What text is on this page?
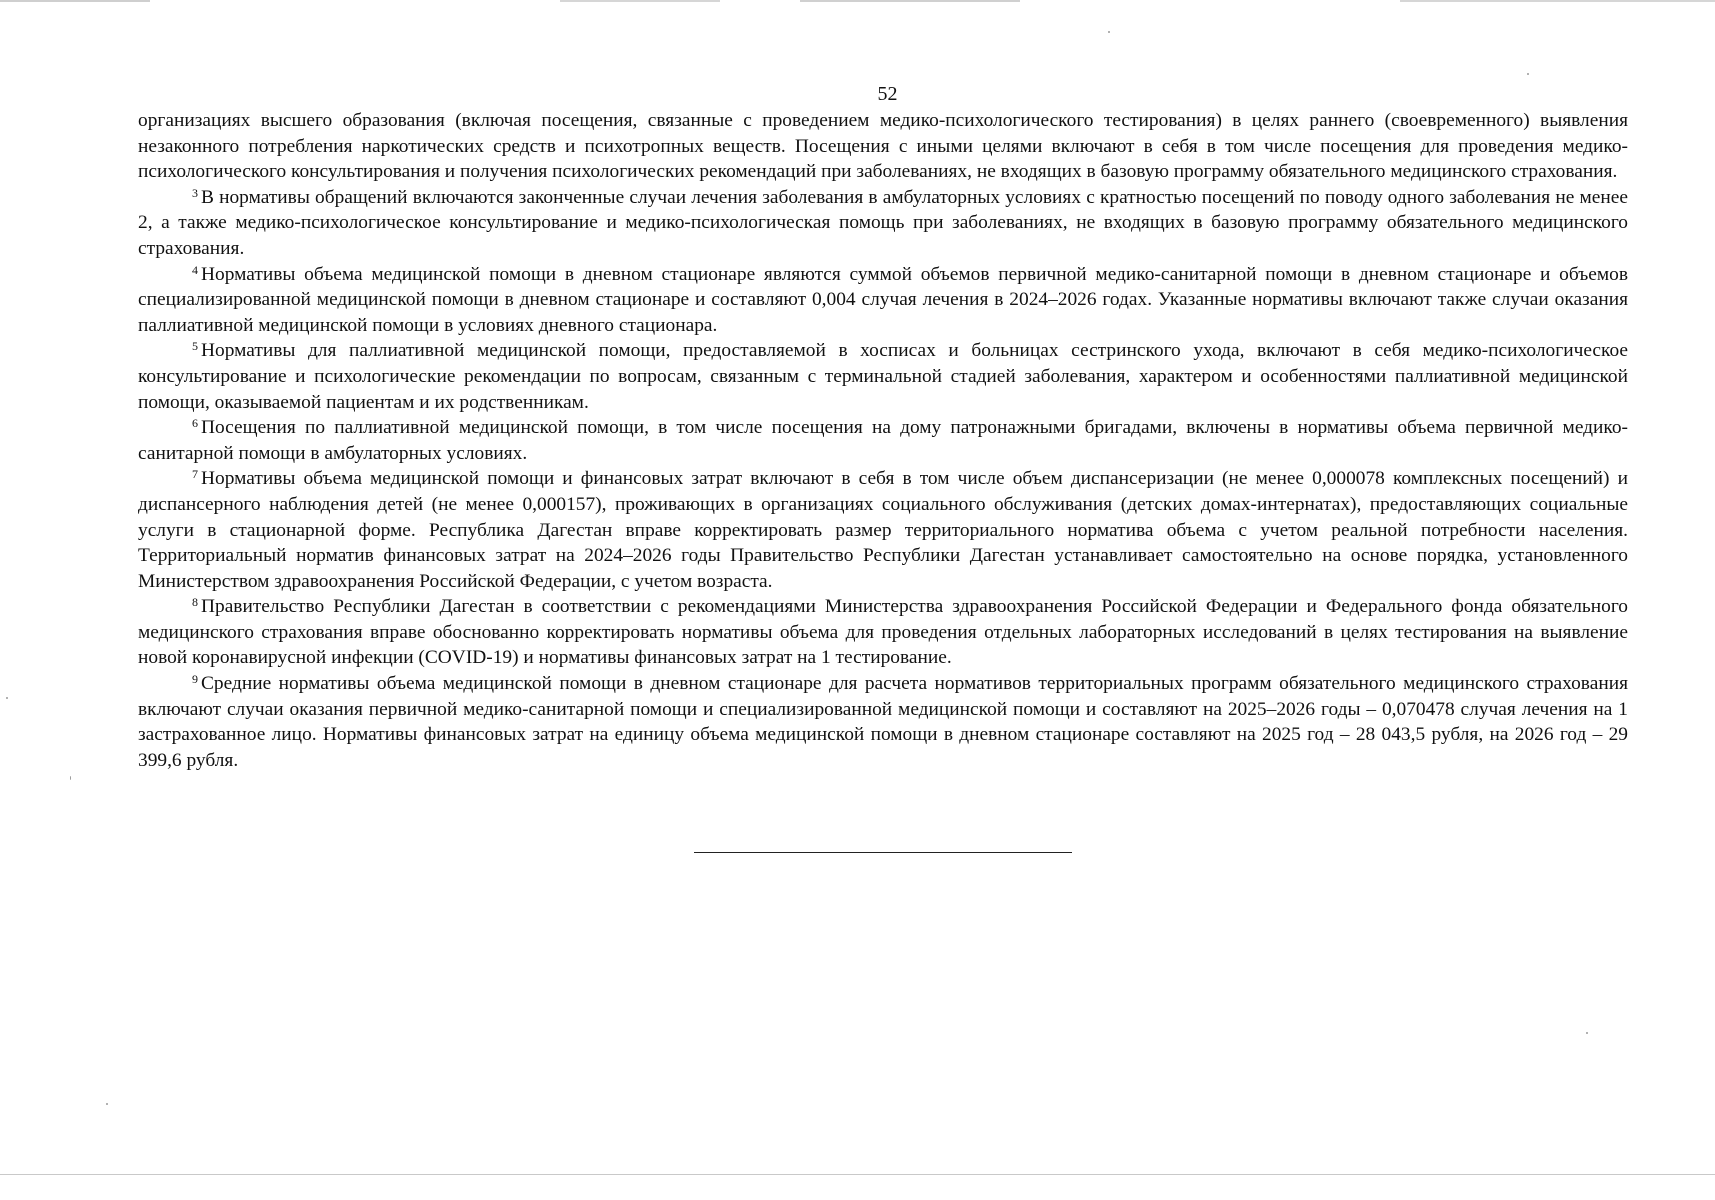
52

организациях высшего образования (включая посещения, связанные с проведением медико-психологического тестирования) в целях раннего (своевременного) выявления незаконного потребления наркотических средств и психотропных веществ. Посещения с иными целями включают в себя в том числе посещения для проведения медико-психологического консультирования и получения психологических рекомендаций при заболеваниях, не входящих в базовую программу обязательного медицинского страхования.

$^3$ В нормативы обращений включаются законченные случаи лечения заболевания в амбулаторных условиях с кратностью посещений по поводу одного заболевания не менее 2, а также медико-психологическое консультирование и медико-психологическая помощь при заболеваниях, не входящих в базовую программу обязательного медицинского страхования.

$^4$ Нормативы объема медицинской помощи в дневном стационаре являются суммой объемов первичной медико-санитарной помощи в дневном стационаре и объемов специализированной медицинской помощи в дневном стационаре и составляют 0,004 случая лечения в 2024–2026 годах. Указанные нормативы включают также случаи оказания паллиативной медицинской помощи в условиях дневного стационара.

$^5$ Нормативы для паллиативной медицинской помощи, предоставляемой в хосписах и больницах сестринского ухода, включают в себя медико-психологическое консультирование и психологические рекомендации по вопросам, связанным с терминальной стадией заболевания, характером и особенностями паллиативной медицинской помощи, оказываемой пациентам и их родственникам.

$^6$ Посещения по паллиативной медицинской помощи, в том числе посещения на дому патронажными бригадами, включены в нормативы объема первичной медико-санитарной помощи в амбулаторных условиях.

$^7$ Нормативы объема медицинской помощи и финансовых затрат включают в себя в том числе объем диспансеризации (не менее 0,000078 комплексных посещений) и диспансерного наблюдения детей (не менее 0,000157), проживающих в организациях социального обслуживания (детских домах-интернатах), предоставляющих социальные услуги в стационарной форме. Республика Дагестан вправе корректировать размер территориального норматива объема с учетом реальной потребности населения. Территориальный норматив финансовых затрат на 2024–2026 годы Правительство Республики Дагестан устанавливает самостоятельно на основе порядка, установленного Министерством здравоохранения Российской Федерации, с учетом возраста.

$^8$ Правительство Республики Дагестан в соответствии с рекомендациями Министерства здравоохранения Российской Федерации и Федерального фонда обязательного медицинского страхования вправе обоснованно корректировать нормативы объема для проведения отдельных лабораторных исследований в целях тестирования на выявление новой коронавирусной инфекции (COVID-19) и нормативы финансовых затрат на 1 тестирование.

$^9$ Средние нормативы объема медицинской помощи в дневном стационаре для расчета нормативов территориальных программ обязательного медицинского страхования включают случаи оказания первичной медико-санитарной помощи и специализированной медицинской помощи и составляют на 2025–2026 годы – 0,070478 случая лечения на 1 застрахованное лицо. Нормативы финансовых затрат на единицу объема медицинской помощи в дневном стационаре составляют на 2025 год – 28 043,5 рубля, на 2026 год – 29 399,6 рубля.
